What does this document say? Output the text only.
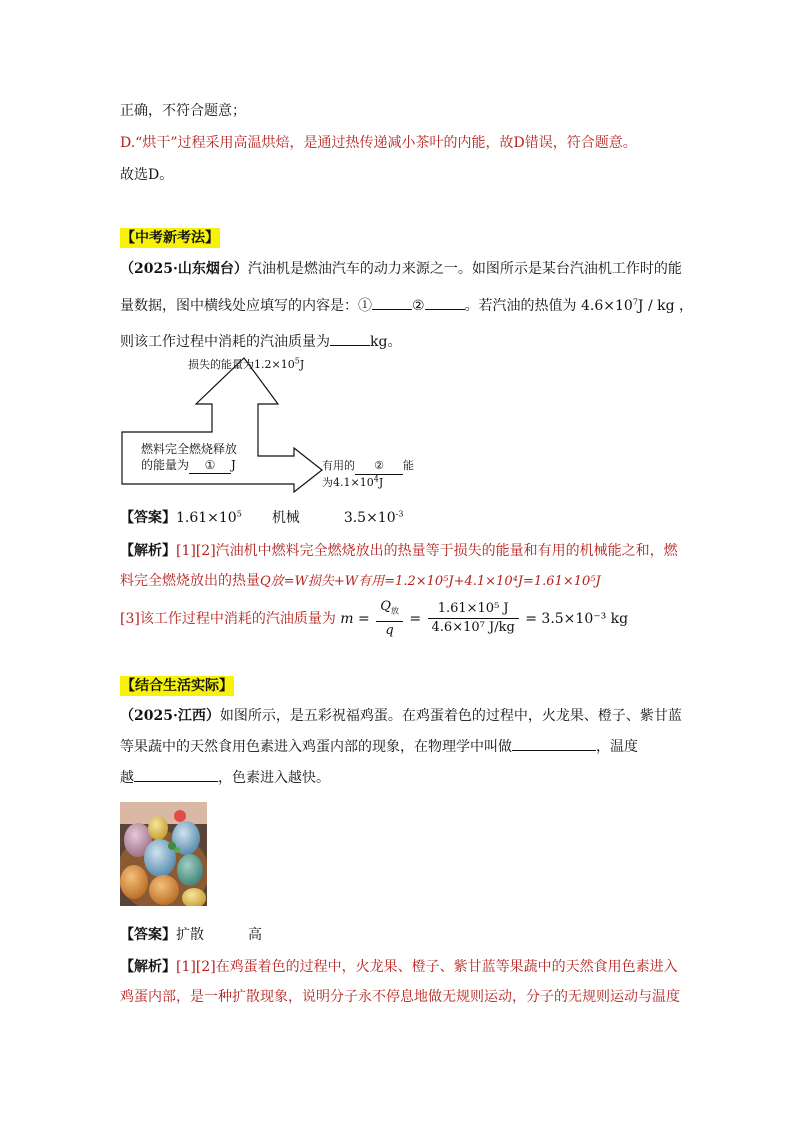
正确，不符合题意；
D.“烘干”过程采用高温烘焙，是通过热传递减小茶叶的内能，故D错误，符合题意。
故选D。
【中考新考法】
（2025·山东烟台）汽油机是燃油汽车的动力来源之一。如图所示是某台汽油机工作时的能
量数据，图中横线处应填写的内容是：①	②	。若汽油的热值为 $4.6\times 10^7J$ / kg ，
则该工作过程中消耗的汽油质量为	kg。
损失的能量为$1.2\times 10^5J$
燃料完全燃烧释放
的能量为 ① J	有用的 ② 能
为$4.1\times 10^4J$
【答案】$1.61\times 10^5$ 机械	$3.5\times 10^{-3}$
【解析】[1][2]汽油机中燃料完全燃烧放出的热量等于损失的能量和有用的机械能之和，燃
料完全燃烧放出的热量Q放=W损失+W有用=1.2×10⁵J+4.1×10⁴J=1.61×10⁵J
[3]该工作过程中消耗的汽油质量为 $m = \frac{Q_放}{q} = \frac{\text{1.61×10⁵ J}}{\text{4.6×10⁷ J/kg}} = 3.5\times 10^{-3}$ kg
【结合生活实际】
（2025·江西）如图所示，是五彩祝福鸡蛋。在鸡蛋着色的过程中，火龙果、橙子、紫甘蓝
等果蔬中的天然食用色素进入鸡蛋内部的现象，在物理学中叫做	，温度
越	，色素进入越快。
【答案】扩散	高
【解析】[1][2]在鸡蛋着色的过程中，火龙果、橙子、紫甘蓝等果蔬中的天然食用色素进入
鸡蛋内部，是一种扩散现象，说明分子永不停息地做无规则运动，分子的无规则运动与温度
